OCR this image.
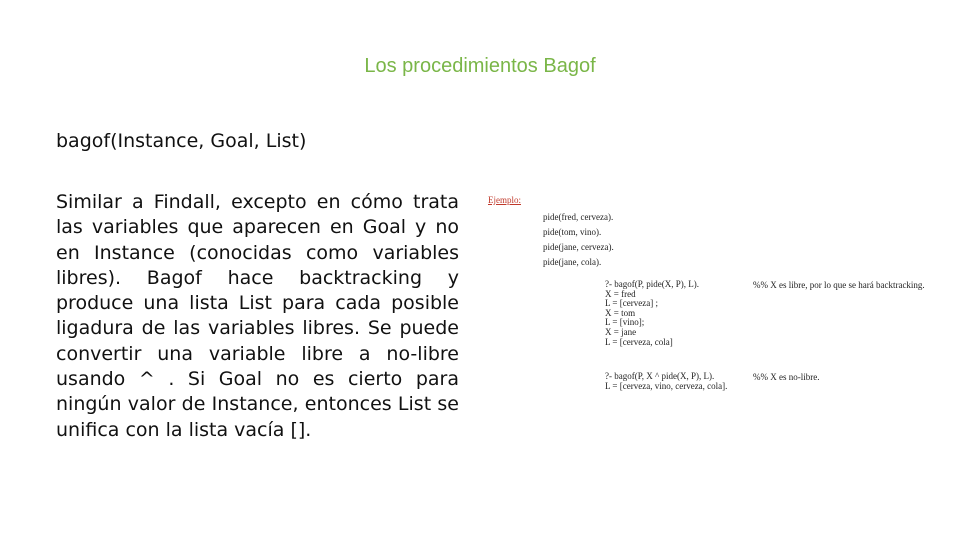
Los procedimientos Bagof
bagof(Instance, Goal, List)
Similar a Findall, excepto en cómo trata las variables que aparecen en Goal y no en Instance (conocidas como variables libres). Bagof hace backtracking y produce una lista List para cada posible ligadura de las variables libres. Se puede convertir una variable libre a no-libre usando ^ . Si Goal no es cierto para ningún valor de Instance, entonces List se unifica con la lista vacía [].
Ejemplo:
pide(fred, cerveza).
pide(tom, vino).
pide(jane, cerveza).
pide(jane, cola).
?- bagof(P, pide(X, P), L).
X = fred
L = [cerveza] ;
X = tom
L = [vino];
X = jane
L = [cerveza, cola]
%% X es libre, por lo que se hará backtracking.
?- bagof(P, X ^ pide(X, P), L).
L = [cerveza, vino, cerveza, cola].
%% X es no-libre.
